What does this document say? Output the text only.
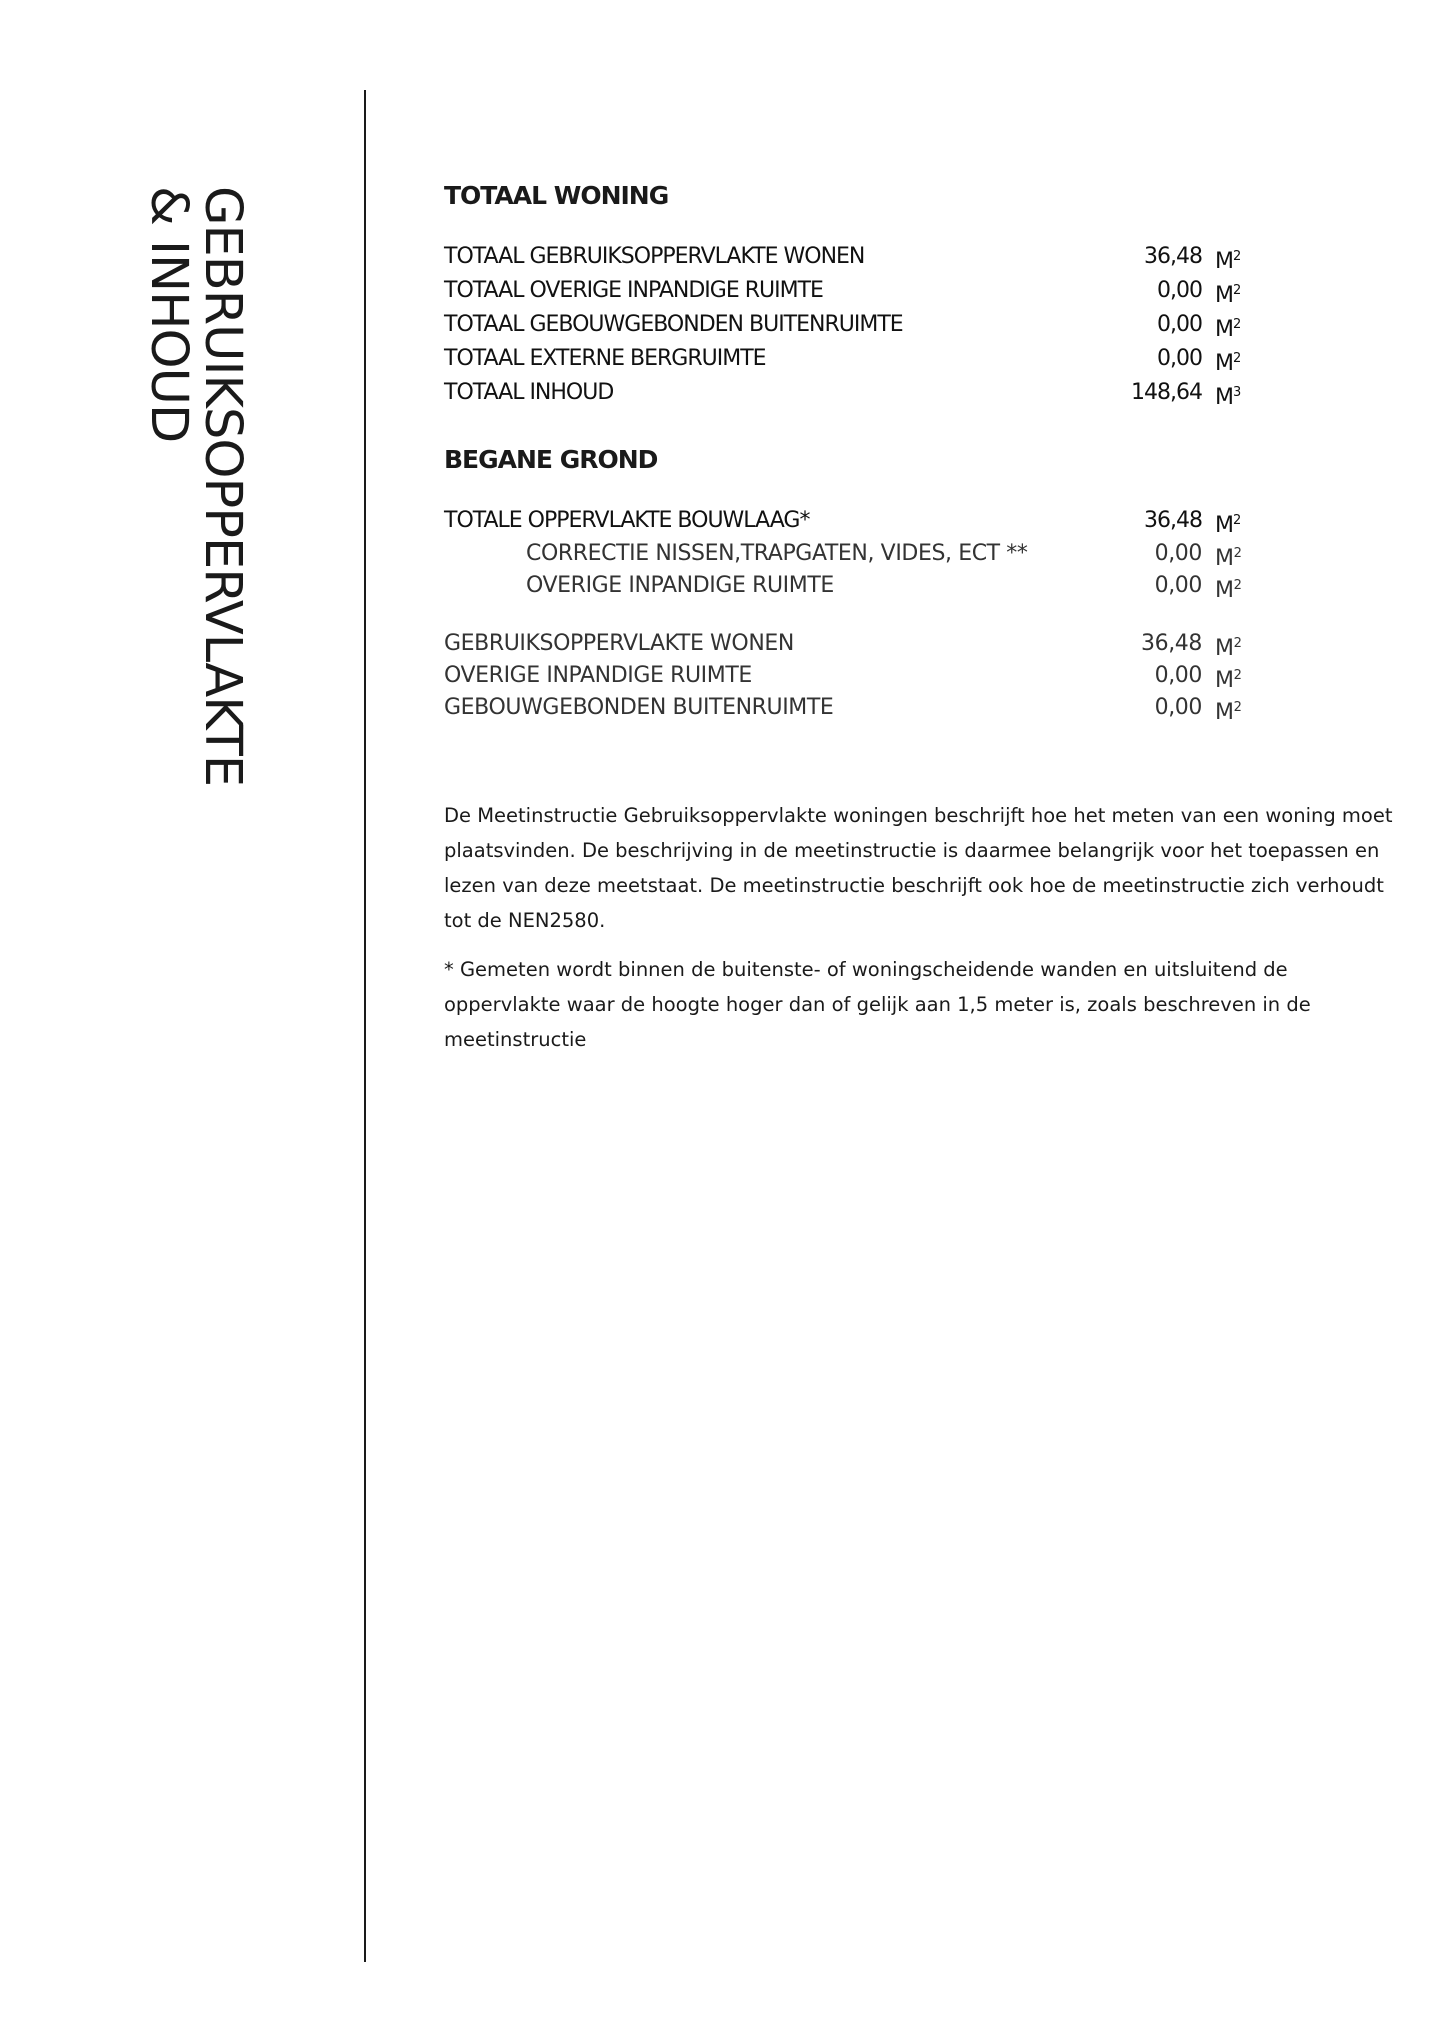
GEBRUIKSOPPERVLAKTE
& INHOUD	TOTAAL WONING
TOTAAL GEBRUIKSOPPERVLAKTE WONEN	36,48 $M^2$
TOTAAL OVERIGE INPANDIGE RUIMTE	0,00 $M^2$
TOTAAL GEBOUWGEBONDEN BUITENRUIMTE	0,00 $M^2$
TOTAAL EXTERNE BERGRUIMTE	0,00 $M^2$
TOTAAL INHOUD	148,64 $M^3$
BEGANE GROND
TOTALE OPPERVLAKTE BOUWLAAG*	36,48 $M^2$
CORRECTIE NISSEN,TRAPGATEN, VIDES, ECT **	0,00 $M^2$
OVERIGE INPANDIGE RUIMTE	0,00 $M^2$
GEBRUIKSOPPERVLAKTE WONEN	36,48 $M^2$
OVERIGE INPANDIGE RUIMTE	0,00 $M^2$
GEBOUWGEBONDEN BUITENRUIMTE	0,00 $M^2$

De Meetinstructie Gebruiksoppervlakte woningen beschrijft hoe het meten van een woning moet plaatsvinden. De beschrijving in de meetinstructie is daarmee belangrijk voor het toepassen en lezen van deze meetstaat. De meetinstructie beschrijft ook hoe de meetinstructie zich verhoudt tot de NEN2580.

* Gemeten wordt binnen de buitenste- of woningscheidende wanden en uitsluitend de oppervlakte waar de hoogte hoger dan of gelijk aan 1,5 meter is, zoals beschreven in de meetinstructie
